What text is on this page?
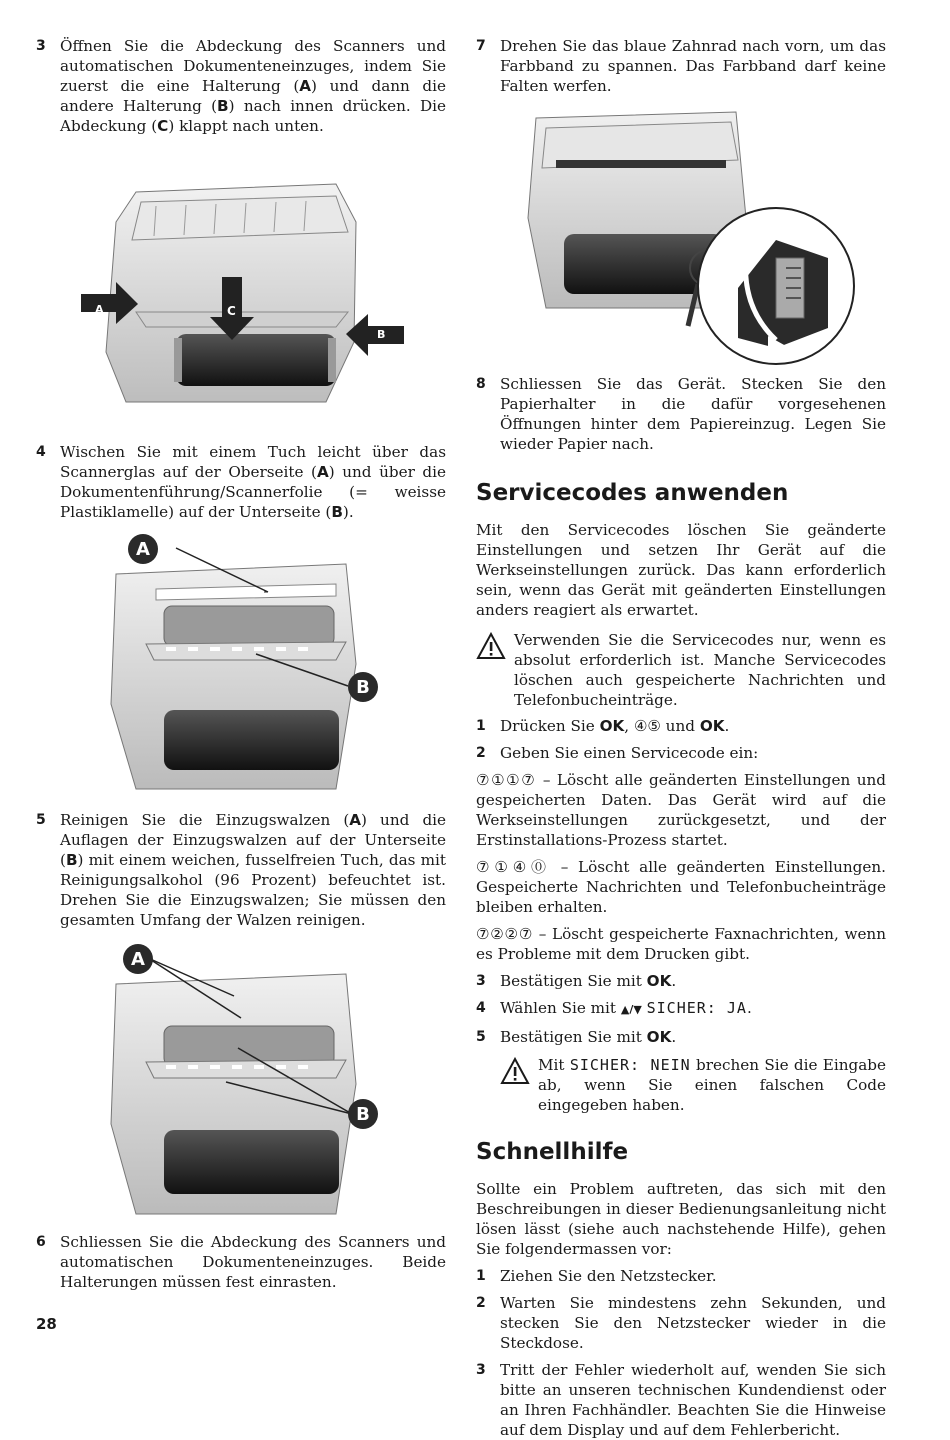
3 Öffnen Sie die Abdeckung des Scanners und automatischen Dokumenteneinzuges, indem Sie zuerst die eine Halterung (A) und dann die andere Halterung (B) nach innen drücken. Die Abdeckung (C) klappt nach unten.
A
B
C
4 Wischen Sie mit einem Tuch leicht über das Scannerglas auf der Oberseite (A) und über die Dokumentenführung/Scannerfolie (= weisse Plastiklamelle) auf der Unterseite (B).
A
B
5 Reinigen Sie die Einzugswalzen (A) und die Auflagen der Einzugswalzen auf der Unterseite (B) mit einem weichen, fusselfreien Tuch, das mit Reinigungsalkohol (96 Prozent) befeuchtet ist. Drehen Sie die Einzugswalzen; Sie müssen den gesamten Umfang der Walzen reinigen.
A
B
6 Schliessen Sie die Abdeckung des Scanners und automatischen Dokumenteneinzuges. Beide Halterungen müssen fest einrasten.
7 Drehen Sie das blaue Zahnrad nach vorn, um das Farbband zu spannen. Das Farbband darf keine Falten werfen.
8 Schliessen Sie das Gerät. Stecken Sie den Papierhalter in die dafür vorgesehenen Öffnungen hinter dem Papiereinzug. Legen Sie wieder Papier nach.
Servicecodes anwenden

Mit den Servicecodes löschen Sie geänderte Einstellungen und setzen Ihr Gerät auf die Werkseinstellungen zurück. Das kann erforderlich sein, wenn das Gerät mit geänderten Einstellungen anders reagiert als erwartet.

Verwenden Sie die Servicecodes nur, wenn es absolut erforderlich ist. Manche Servicecodes löschen auch gespeicherte Nachrichten und Telefonbucheinträge.
1 Drücken Sie OK, ④⑤ und OK.
2 Geben Sie einen Servicecode ein:

⑦①①⑦ – Löscht alle geänderten Einstellungen und gespeicherten Daten. Das Gerät wird auf die Werkseinstellungen zurückgesetzt, und der Erstinstallations-Prozess startet.

⑦①④⓪ – Löscht alle geänderten Einstellungen. Gespeicherte Nachrichten und Telefonbucheinträge bleiben erhalten.

⑦②②⑦ – Löscht gespeicherte Faxnachrichten, wenn es Probleme mit dem Drucken gibt.

3 Bestätigen Sie mit OK.
4 Wählen Sie mit ▲/▼ SICHER: JA.
5 Bestätigen Sie mit OK.
Mit SICHER: NEIN brechen Sie die Eingabe ab, wenn Sie einen falschen Code eingegeben haben.
Schnellhilfe

Sollte ein Problem auftreten, das sich mit den Beschreibungen in dieser Bedienungsanleitung nicht lösen lässt (siehe auch nachstehende Hilfe), gehen Sie folgendermassen vor:

1 Ziehen Sie den Netzstecker.
2 Warten Sie mindestens zehn Sekunden, und stecken Sie den Netzstecker wieder in die Steckdose.
3 Tritt der Fehler wiederholt auf, wenden Sie sich bitte an unseren technischen Kundendienst oder an Ihren Fachhändler. Beachten Sie die Hinweise auf dem Display und auf dem Fehlerbericht.
28
